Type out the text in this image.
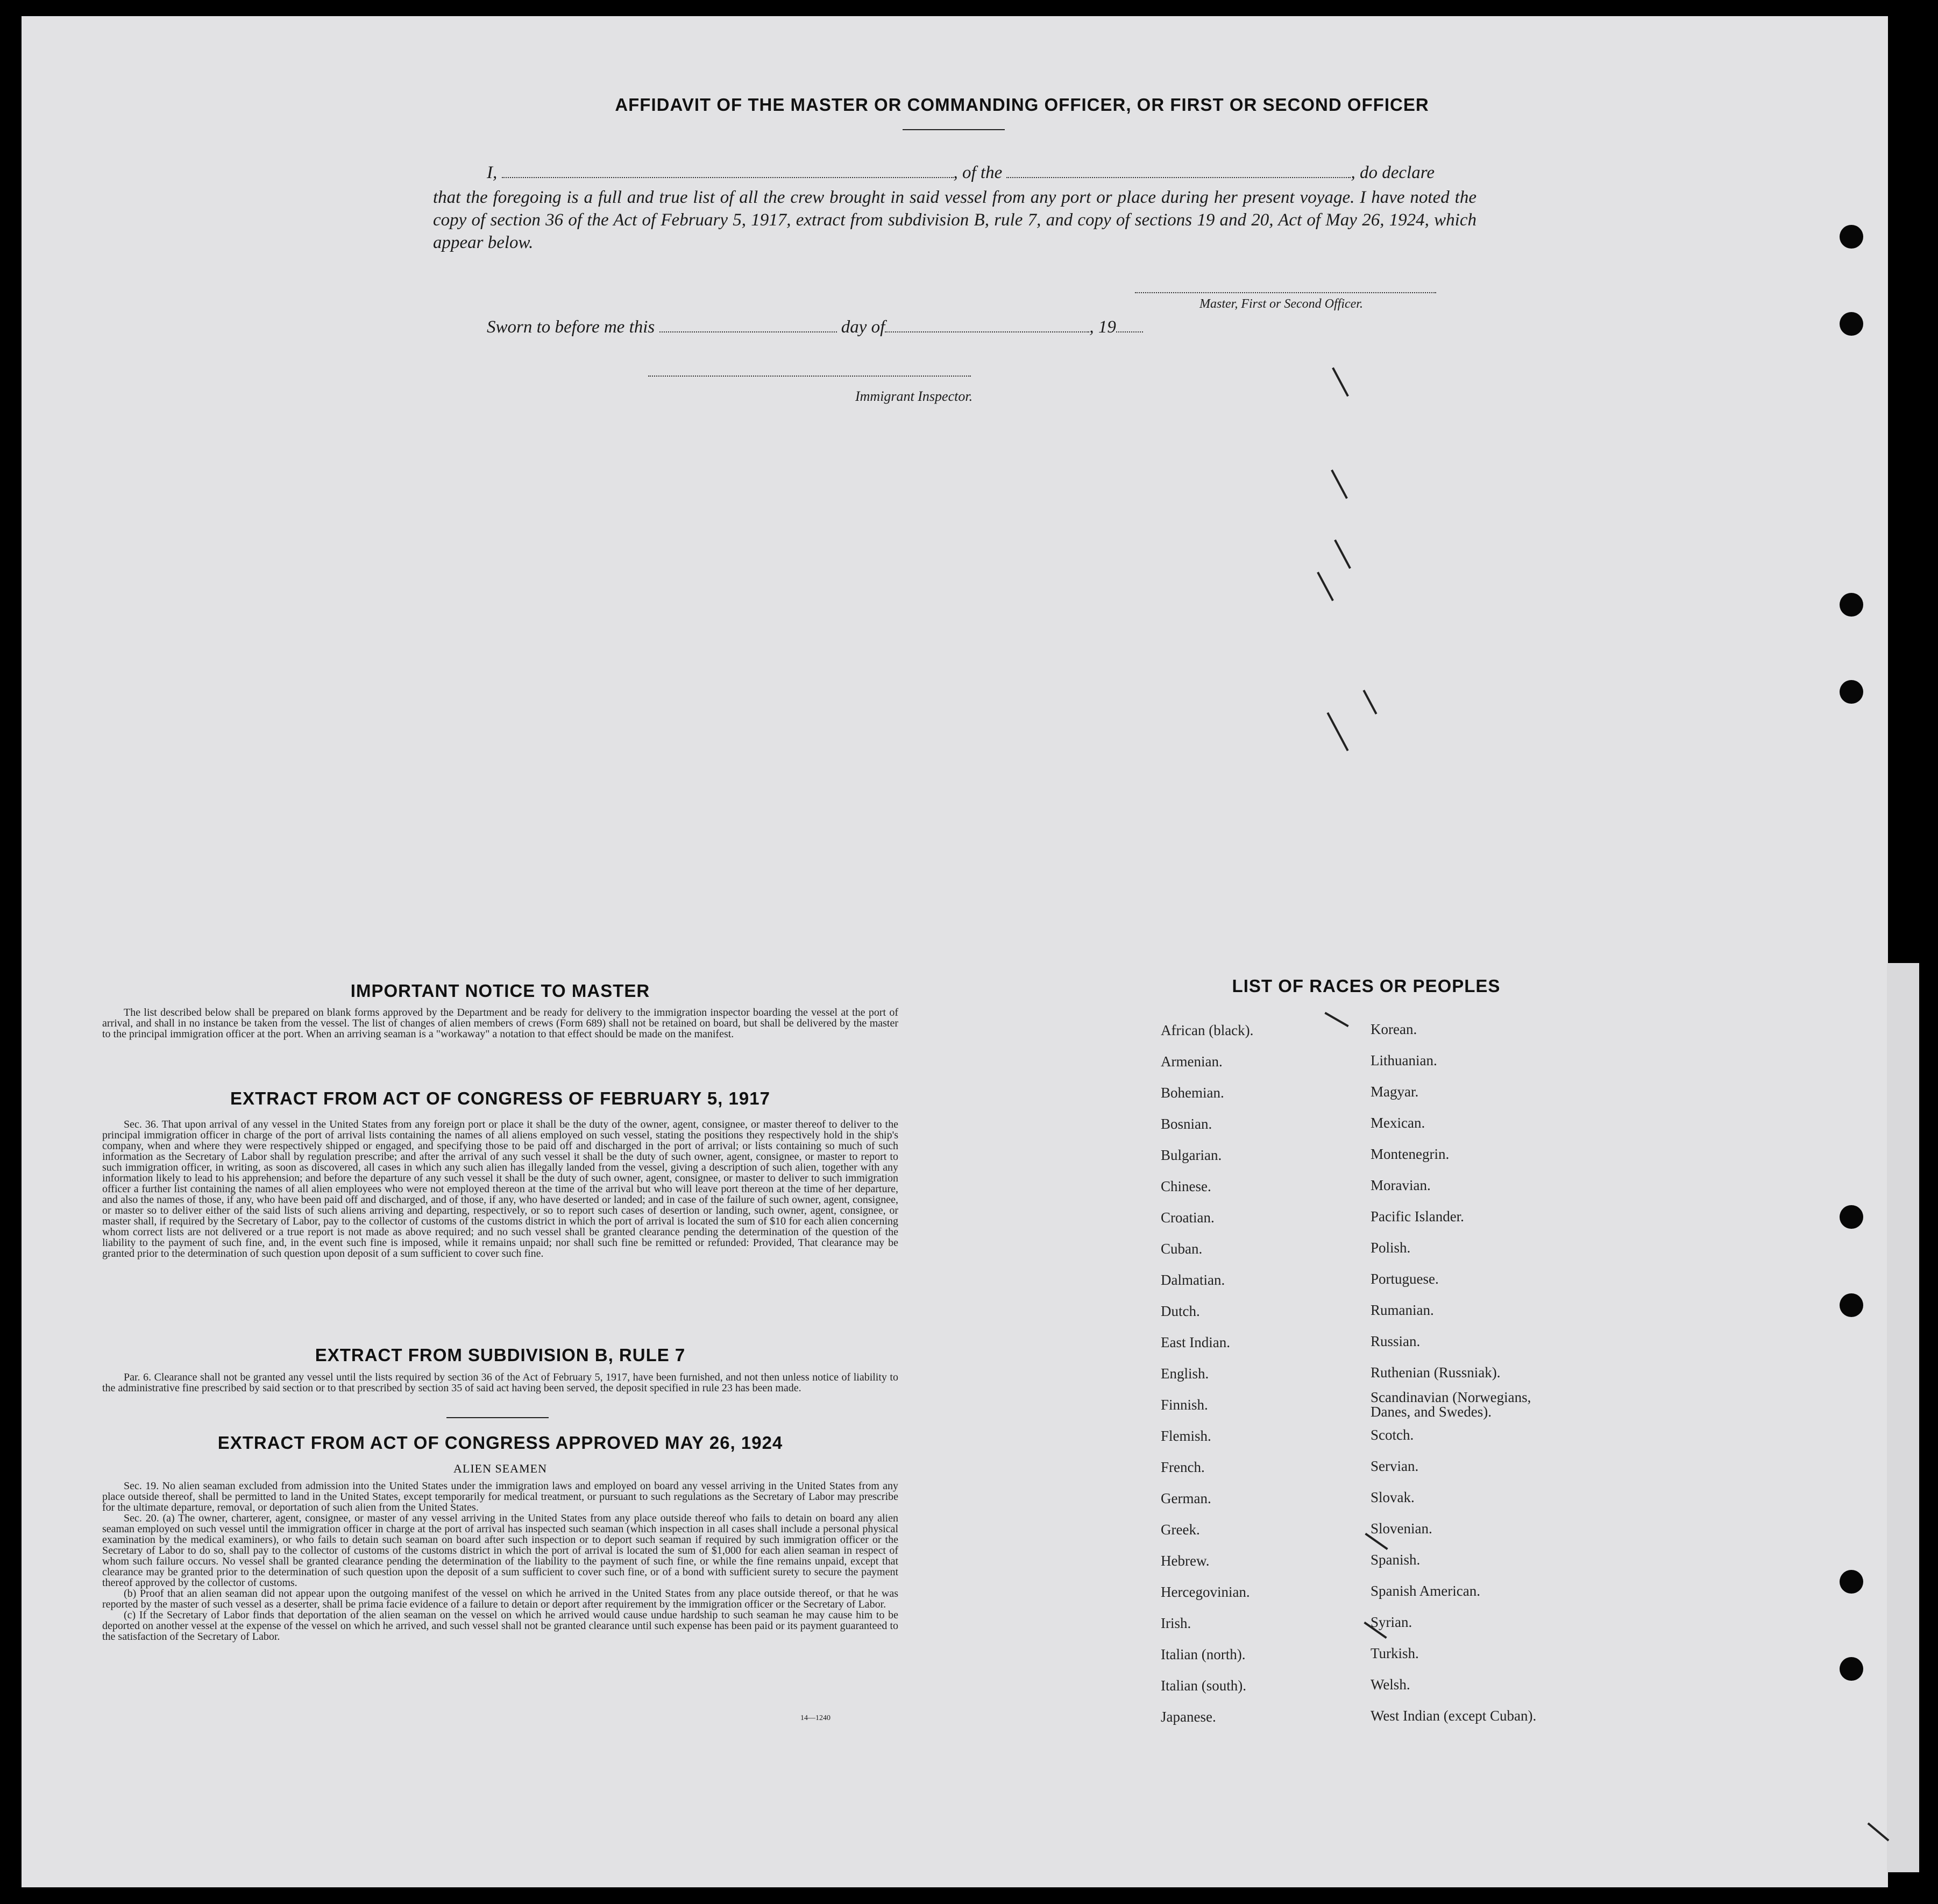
AFFIDAVIT OF THE MASTER OR COMMANDING OFFICER, OR FIRST OR SECOND OFFICER
I,	, of the	, do declare
that the foregoing is a full and true list of all the crew brought in said vessel from any port or place during her present voyage. I have noted the copy of section 36 of the Act of February 5, 1917, extract from subdivision B, rule 7, and copy of sections 19 and 20, Act of May 26, 1924, which appear below.
Master, First or Second Officer.
Sworn to before me this	day of	, 19
Immigrant Inspector.
IMPORTANT NOTICE TO MASTER

The list described below shall be prepared on blank forms approved by the Department and be ready for delivery to the immigration inspector boarding the vessel at the port of arrival, and shall in no instance be taken from the vessel. The list of changes of alien members of crews (Form 689) shall not be retained on board, but shall be delivered by the master to the principal immigration officer at the port. When an arriving seaman is a "workaway" a notation to that effect should be made on the manifest.

EXTRACT FROM ACT OF CONGRESS OF FEBRUARY 5, 1917

Sec. 36. That upon arrival of any vessel in the United States from any foreign port or place it shall be the duty of the owner, agent, consignee, or master thereof to deliver to the principal immigration officer in charge of the port of arrival lists containing the names of all aliens employed on such vessel, stating the positions they respectively hold in the ship's company, when and where they were respectively shipped or engaged, and specifying those to be paid off and discharged in the port of arrival; or lists containing so much of such information as the Secretary of Labor shall by regulation prescribe; and after the arrival of any such vessel it shall be the duty of such owner, agent, consignee, or master to report to such immigration officer, in writing, as soon as discovered, all cases in which any such alien has illegally landed from the vessel, giving a description of such alien, together with any information likely to lead to his apprehension; and before the departure of any such vessel it shall be the duty of such owner, agent, consignee, or master to deliver to such immigration officer a further list containing the names of all alien employees who were not employed thereon at the time of the arrival but who will leave port thereon at the time of her departure, and also the names of those, if any, who have been paid off and discharged, and of those, if any, who have deserted or landed; and in case of the failure of such owner, agent, consignee, or master so to deliver either of the said lists of such aliens arriving and departing, respectively, or so to report such cases of desertion or landing, such owner, agent, consignee, or master shall, if required by the Secretary of Labor, pay to the collector of customs of the customs district in which the port of arrival is located the sum of $10 for each alien concerning whom correct lists are not delivered or a true report is not made as above required; and no such vessel shall be granted clearance pending the determination of the question of the liability to the payment of such fine, and, in the event such fine is imposed, while it remains unpaid; nor shall such fine be remitted or refunded: Provided, That clearance may be granted prior to the determination of such question upon deposit of a sum sufficient to cover such fine.

EXTRACT FROM SUBDIVISION B, RULE 7

Par. 6. Clearance shall not be granted any vessel until the lists required by section 36 of the Act of February 5, 1917, have been furnished, and not then unless notice of liability to the administrative fine prescribed by said section or to that prescribed by section 35 of said act having been served, the deposit specified in rule 23 has been made.

EXTRACT FROM ACT OF CONGRESS APPROVED MAY 26, 1924
ALIEN SEAMEN

Sec. 19. No alien seaman excluded from admission into the United States under the immigration laws and employed on board any vessel arriving in the United States from any place outside thereof, shall be permitted to land in the United States, except temporarily for medical treatment, or pursuant to such regulations as the Secretary of Labor may prescribe for the ultimate departure, removal, or deportation of such alien from the United States.

Sec. 20. (a) The owner, charterer, agent, consignee, or master of any vessel arriving in the United States from any place outside thereof who fails to detain on board any alien seaman employed on such vessel until the immigration officer in charge at the port of arrival has inspected such seaman (which inspection in all cases shall include a personal physical examination by the medical examiners), or who fails to detain such seaman on board after such inspection or to deport such seaman if required by such immigration officer or the Secretary of Labor to do so, shall pay to the collector of customs of the customs district in which the port of arrival is located the sum of $1,000 for each alien seaman in respect of whom such failure occurs. No vessel shall be granted clearance pending the determination of the liability to the payment of such fine, or while the fine remains unpaid, except that clearance may be granted prior to the determination of such question upon the deposit of a sum sufficient to cover such fine, or of a bond with sufficient surety to secure the payment thereof approved by the collector of customs.

(b) Proof that an alien seaman did not appear upon the outgoing manifest of the vessel on which he arrived in the United States from any place outside thereof, or that he was reported by the master of such vessel as a deserter, shall be prima facie evidence of a failure to detain or deport after requirement by the immigration officer or the Secretary of Labor.

(c) If the Secretary of Labor finds that deportation of the alien seaman on the vessel on which he arrived would cause undue hardship to such seaman he may cause him to be deported on another vessel at the expense of the vessel on which he arrived, and such vessel shall not be granted clearance until such expense has been paid or its payment guaranteed to the satisfaction of the Secretary of Labor.

14—1240
LIST OF RACES OR PEOPLES
African (black).	Korean.
Armenian.	Lithuanian.
Bohemian.	Magyar.
Bosnian.	Mexican.
Bulgarian.	Montenegrin.
Chinese.	Moravian.
Croatian.	Pacific Islander.
Cuban.	Polish.
Dalmatian.	Portuguese.
Dutch.	Rumanian.
East Indian.	Russian.
English.	Ruthenian (Russniak).
Finnish.	Scandinavian (Norwegians, Danes, and Swedes).
Flemish.	Scotch.
French.	Servian.
German.	Slovak.
Greek.	Slovenian.
Hebrew.	Spanish.
Hercegovinian.	Spanish American.
Irish.	Syrian.
Italian (north).	Turkish.
Italian (south).	Welsh.
Japanese.	West Indian (except Cuban).
